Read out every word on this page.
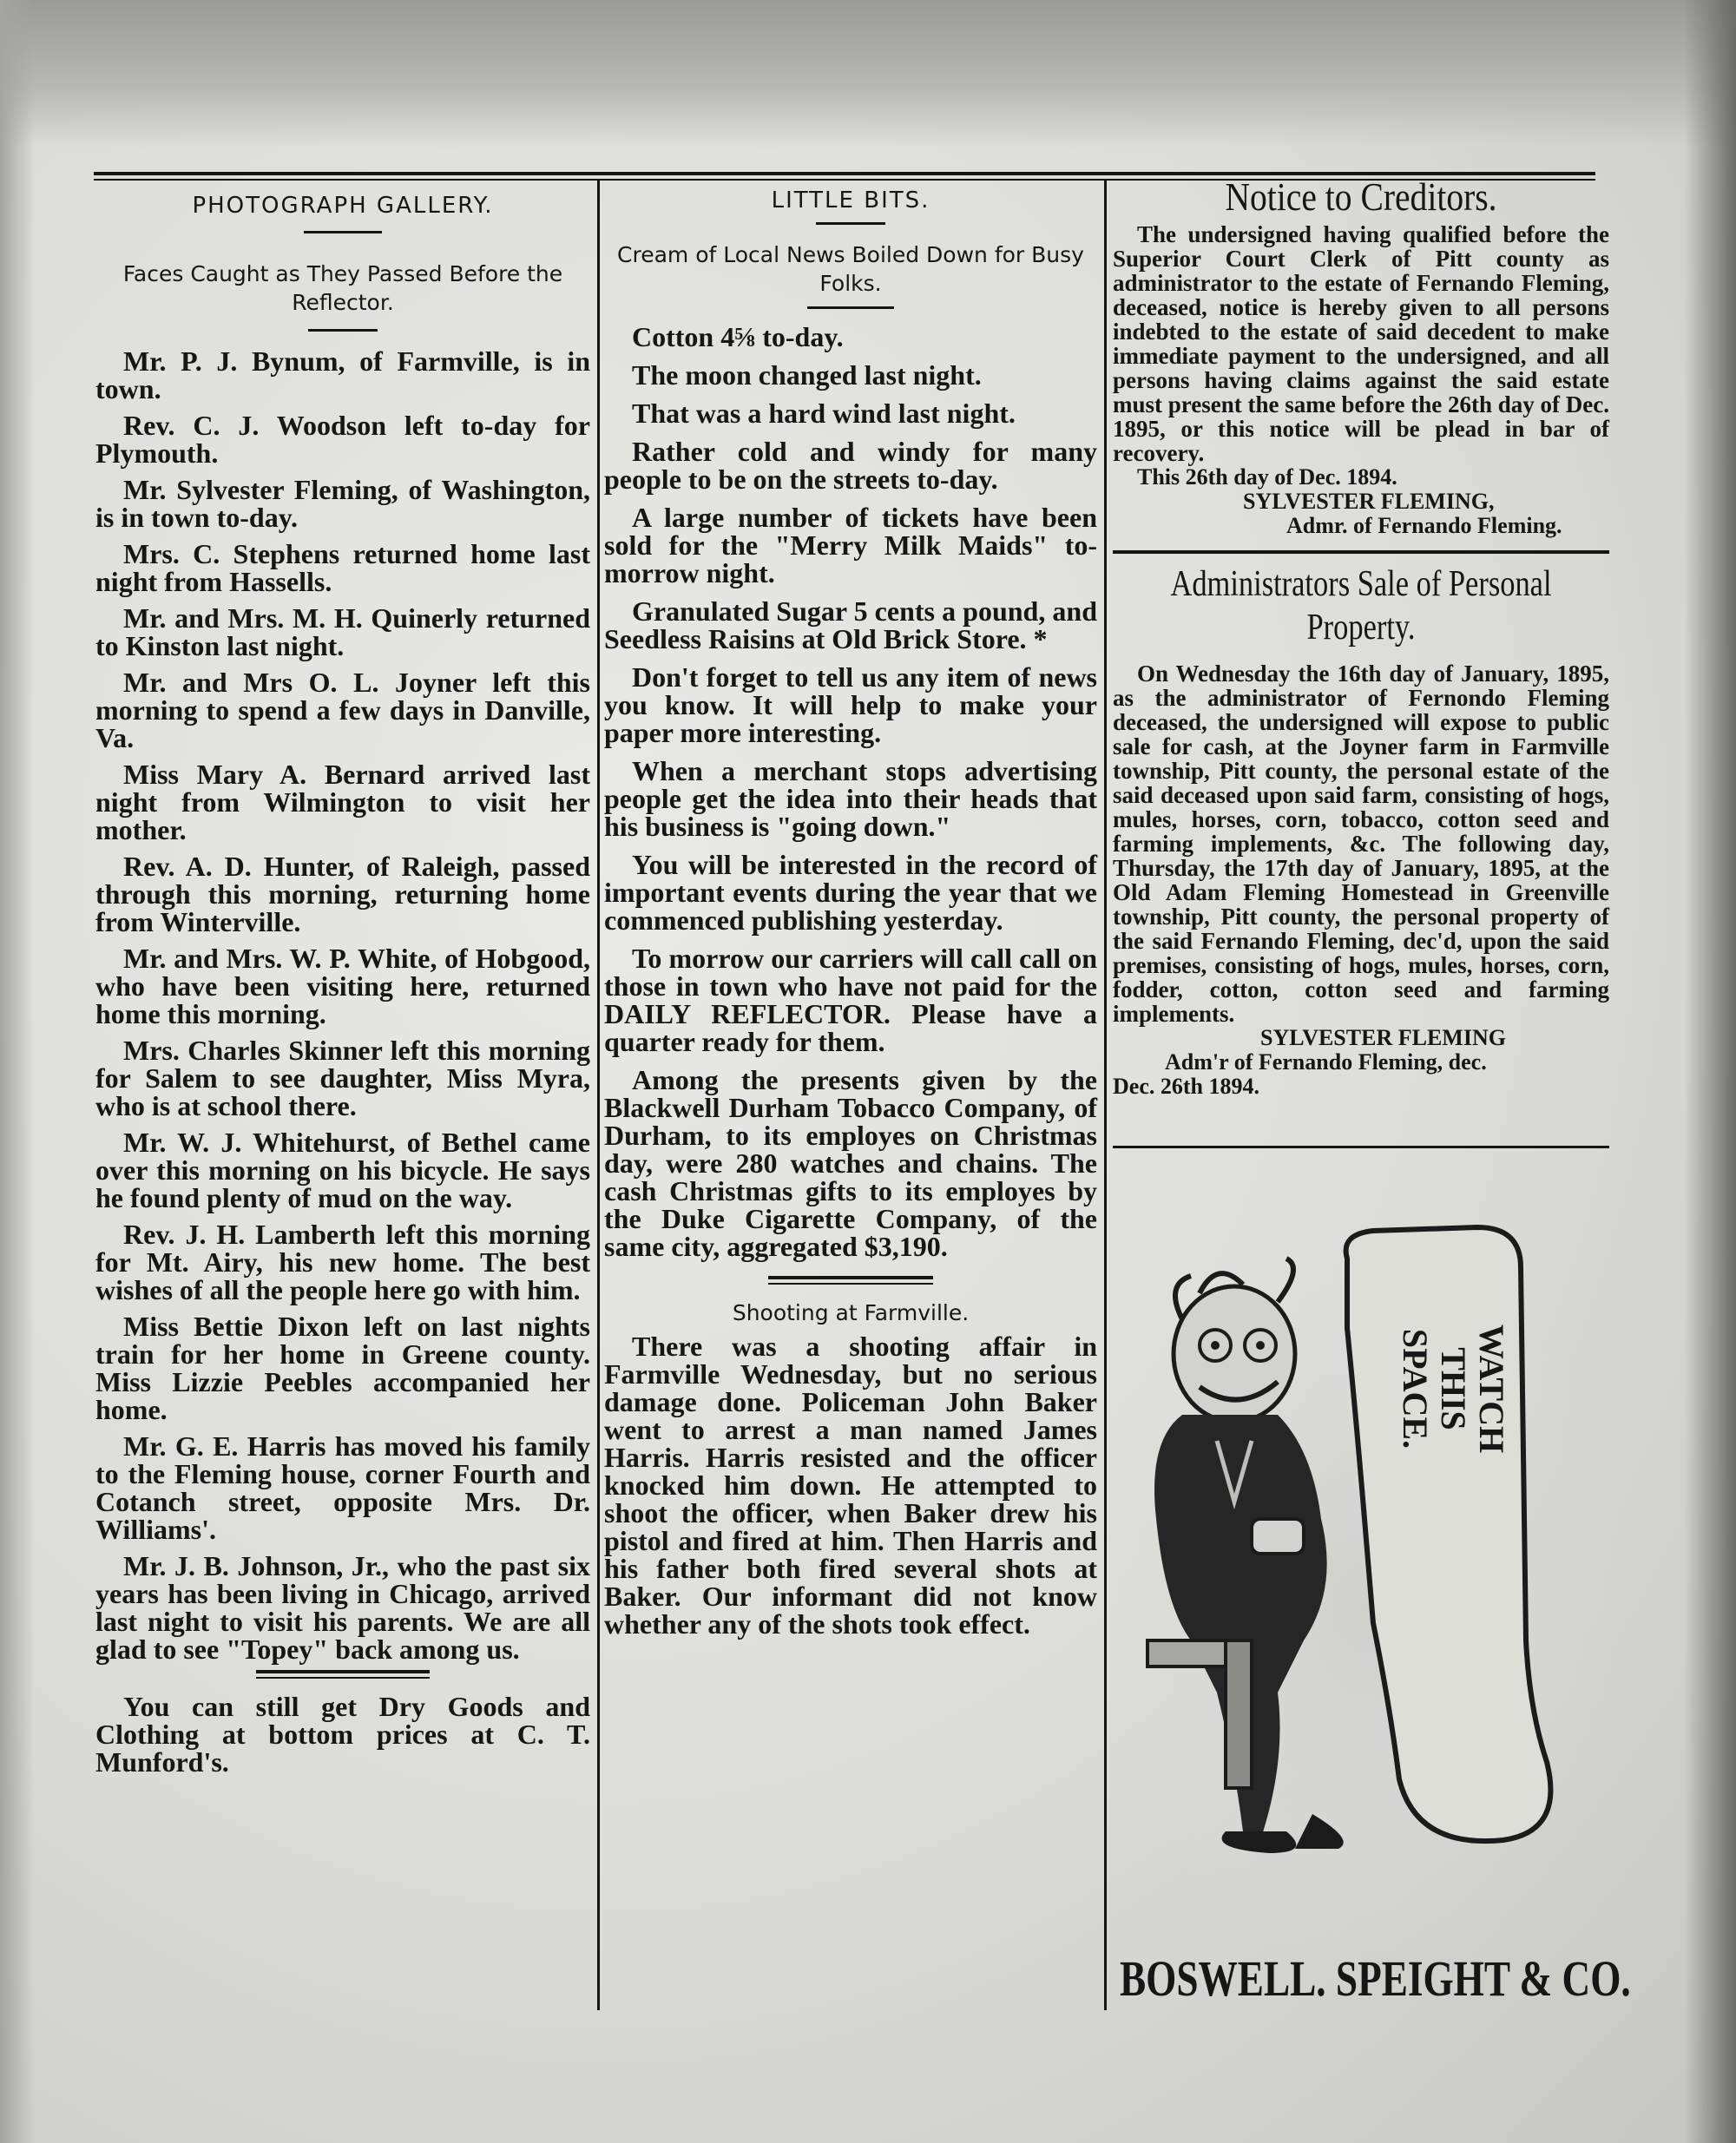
PHOTOGRAPH GALLERY.

Faces Caught as They Passed Before the Reflector.

Mr. P. J. Bynum, of Farmville, is in town.

Rev. C. J. Woodson left to-day for Plymouth.

Mr. Sylvester Fleming, of Washington, is in town to-day.

Mrs. C. Stephens returned home last night from Hassells.

Mr. and Mrs. M. H. Quinerly returned to Kinston last night.

Mr. and Mrs O. L. Joyner left this morning to spend a few days in Danville, Va.

Miss Mary A. Bernard arrived last night from Wilmington to visit her mother.

Rev. A. D. Hunter, of Raleigh, passed through this morning, returning home from Winterville.

Mr. and Mrs. W. P. White, of Hobgood, who have been visiting here, returned home this morning.

Mrs. Charles Skinner left this morning for Salem to see daughter, Miss Myra, who is at school there.

Mr. W. J. Whitehurst, of Bethel came over this morning on his bicycle. He says he found plenty of mud on the way.

Rev. J. H. Lamberth left this morning for Mt. Airy, his new home. The best wishes of all the people here go with him.

Miss Bettie Dixon left on last nights train for her home in Greene county. Miss Lizzie Peebles accompanied her home.

Mr. G. E. Harris has moved his family to the Fleming house, corner Fourth and Cotanch street, opposite Mrs. Dr. Williams'.

Mr. J. B. Johnson, Jr., who the past six years has been living in Chicago, arrived last night to visit his parents. We are all glad to see "Topey" back among us.

You can still get Dry Goods and Clothing at bottom prices at C. T. Munford's.

LITTLE BITS.

Cream of Local News Boiled Down for Busy Folks.

Cotton 4⅝ to-day.

The moon changed last night.

That was a hard wind last night.

Rather cold and windy for many people to be on the streets to-day.

A large number of tickets have been sold for the "Merry Milk Maids" to-morrow night.

Granulated Sugar 5 cents a pound, and Seedless Raisins at Old Brick Store. *

Don't forget to tell us any item of news you know. It will help to make your paper more interesting.

When a merchant stops advertising people get the idea into their heads that his business is "going down."

You will be interested in the record of important events during the year that we commenced publishing yesterday.

To morrow our carriers will call call on those in town who have not paid for the DAILY REFLECTOR. Please have a quarter ready for them.

Among the presents given by the Blackwell Durham Tobacco Company, of Durham, to its employes on Christmas day, were 280 watches and chains. The cash Christmas gifts to its employes by the Duke Cigarette Company, of the same city, aggregated $3,190.

Shooting at Farmville.

There was a shooting affair in Farmville Wednesday, but no serious damage done. Policeman John Baker went to arrest a man named James Harris. Harris resisted and the officer knocked him down. He attempted to shoot the officer, when Baker drew his pistol and fired at him. Then Harris and his father both fired several shots at Baker. Our informant did not know whether any of the shots took effect.

Notice to Creditors.

The undersigned having qualified before the Superior Court Clerk of Pitt county as administrator to the estate of Fernando Fleming, deceased, notice is hereby given to all persons indebted to the estate of said decedent to make immediate payment to the undersigned, and all persons having claims against the said estate must present the same before the 26th day of Dec. 1895, or this notice will be plead in bar of recovery.

This 26th day of Dec. 1894.

SYLVESTER FLEMING,

Admr. of Fernando Fleming.

Administrators Sale of Personal Property.

On Wednesday the 16th day of January, 1895, as the administrator of Fernondo Fleming deceased, the undersigned will expose to public sale for cash, at the Joyner farm in Farmville township, Pitt county, the personal estate of the said deceased upon said farm, consisting of hogs, mules, horses, corn, tobacco, cotton seed and farming implements, &c. The following day, Thursday, the 17th day of January, 1895, at the Old Adam Fleming Homestead in Greenville township, Pitt county, the personal property of the said Fernando Fleming, dec'd, upon the said premises, consisting of hogs, mules, horses, corn, fodder, cotton, cotton seed and farming implements.

SYLVESTER FLEMING

Adm'r of Fernando Fleming, dec.

Dec. 26th 1894.

WATCH
THIS
SPACE.
BOSWELL. SPEIGHT & CO.
